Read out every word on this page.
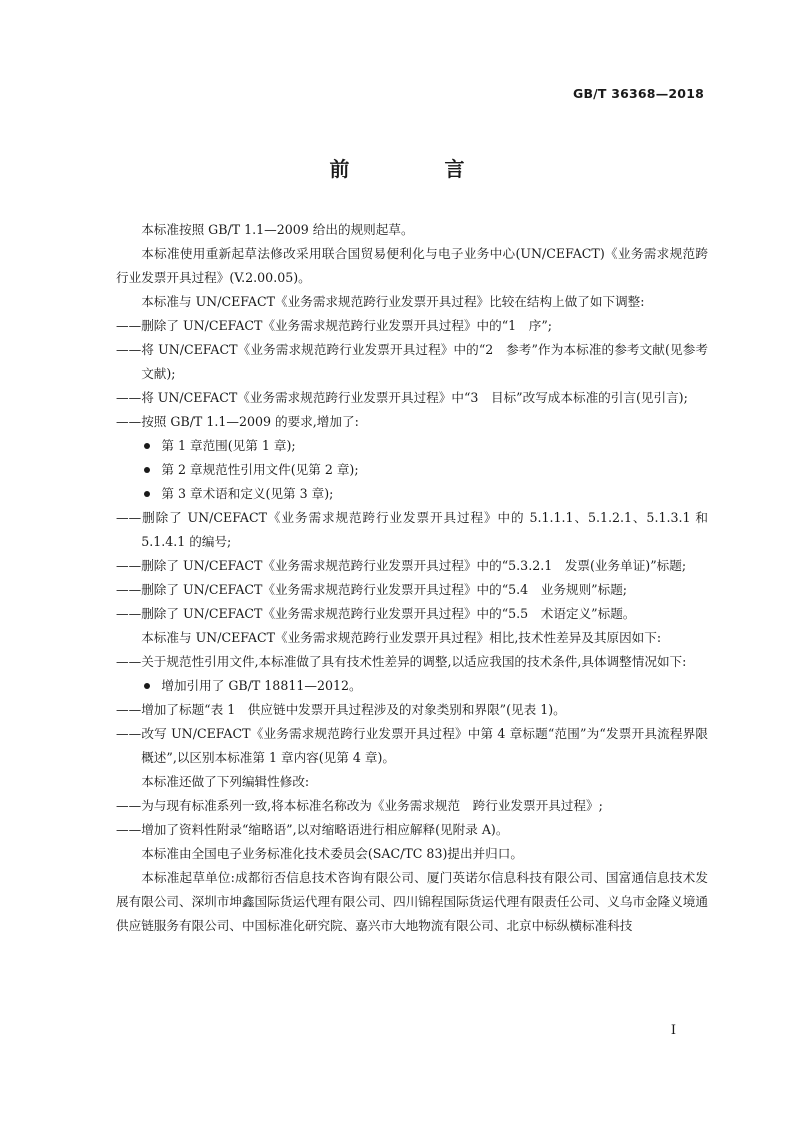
GB/T 36368—2018
前 言
本标准按照 GB/T 1.1—2009 给出的规则起草。
本标准使用重新起草法修改采用联合国贸易便利化与电子业务中心(UN/CEFACT)《业务需求规范跨行业发票开具过程》(V.2.00.05)。
本标准与 UN/CEFACT《业务需求规范跨行业发票开具过程》比较在结构上做了如下调整:
——删除了 UN/CEFACT《业务需求规范跨行业发票开具过程》中的“1　序”;
——将 UN/CEFACT《业务需求规范跨行业发票开具过程》中的“2　参考”作为本标准的参考文献(见参考文献);
——将 UN/CEFACT《业务需求规范跨行业发票开具过程》中“3　目标”改写成本标准的引言(见引言);
——按照 GB/T 1.1—2009 的要求,增加了:
第 1 章范围(见第 1 章);
第 2 章规范性引用文件(见第 2 章);
第 3 章术语和定义(见第 3 章);
——删除了 UN/CEFACT《业务需求规范跨行业发票开具过程》中的 5.1.1.1、5.1.2.1、5.1.3.1 和 5.1.4.1 的编号;
——删除了 UN/CEFACT《业务需求规范跨行业发票开具过程》中的“5.3.2.1　发票(业务单证)”标题;
——删除了 UN/CEFACT《业务需求规范跨行业发票开具过程》中的“5.4　业务规则”标题;
——删除了 UN/CEFACT《业务需求规范跨行业发票开具过程》中的“5.5　术语定义”标题。
本标准与 UN/CEFACT《业务需求规范跨行业发票开具过程》相比,技术性差异及其原因如下:
——关于规范性引用文件,本标准做了具有技术性差异的调整,以适应我国的技术条件,具体调整情况如下:
增加引用了 GB/T 18811—2012。
——增加了标题“表 1　供应链中发票开具过程涉及的对象类别和界限”(见表 1)。
——改写 UN/CEFACT《业务需求规范跨行业发票开具过程》中第 4 章标题“范围”为“发票开具流程界限概述”,以区别本标准第 1 章内容(见第 4 章)。
本标准还做了下列编辑性修改:
——为与现有标准系列一致,将本标准名称改为《业务需求规范　跨行业发票开具过程》;
——增加了资料性附录“缩略语”,以对缩略语进行相应解释(见附录 A)。
本标准由全国电子业务标准化技术委员会(SAC/TC 83)提出并归口。
本标准起草单位:成都衍否信息技术咨询有限公司、厦门英诺尔信息科技有限公司、国富通信息技术发展有限公司、深圳市坤鑫国际货运代理有限公司、四川锦程国际货运代理有限责任公司、义乌市金隆义境通供应链服务有限公司、中国标准化研究院、嘉兴市大地物流有限公司、北京中标纵横标准科技
I
